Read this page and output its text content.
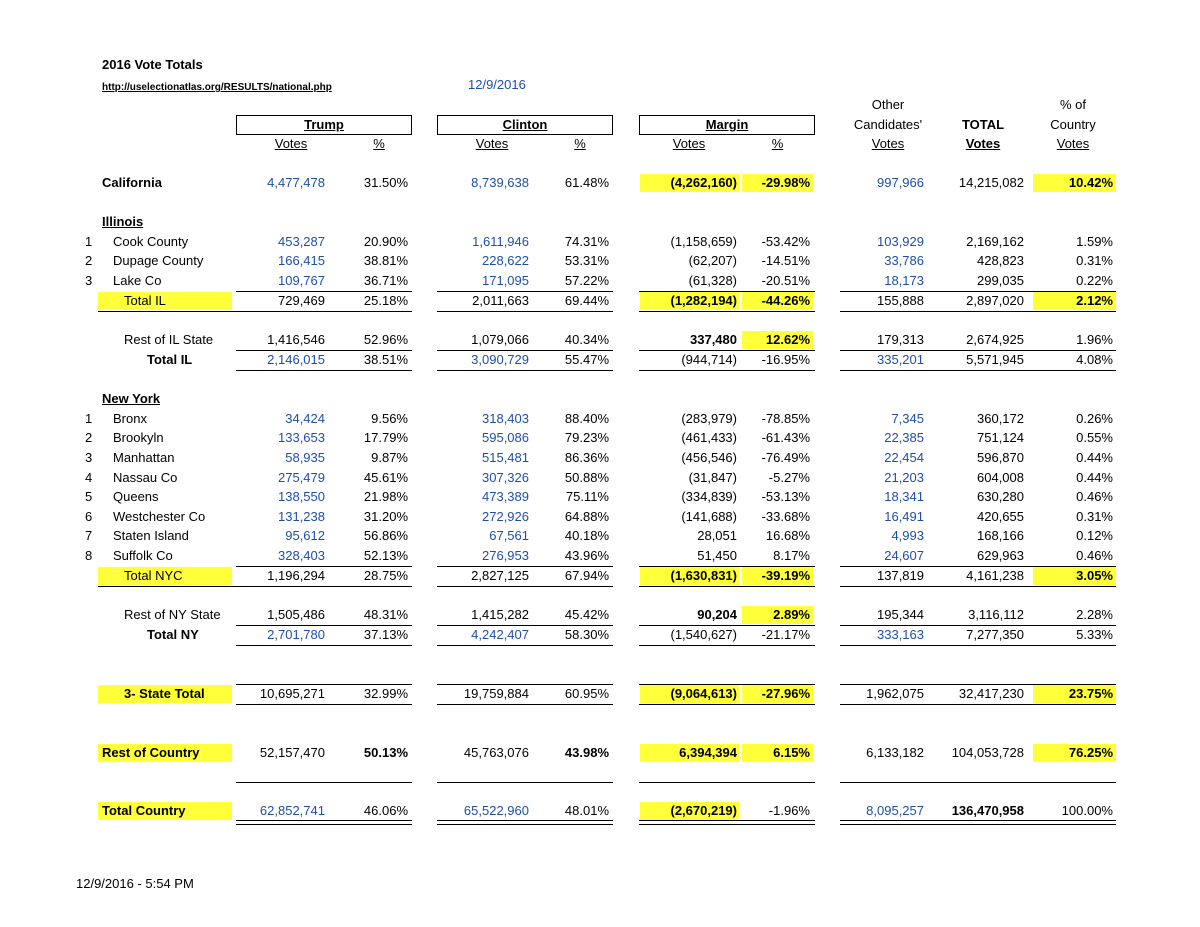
2016 Vote Totals
http://uselectionatlas.org/RESULTS/national.php	12/9/2016
Trump	Clinton	Margin
Other
Candidates'	TOTAL
% of
Country
Votes	%	Votes	%	Votes	%	Votes	Votes	Votes
Illinois
New York
California	4,477,478	31.50%	8,739,638	61.48%	(4,262,160)	-29.98%	997,966	14,215,082	10.42%
1 Cook County	453,287	20.90%	1,611,946	74.31%	(1,158,659)	-53.42%	103,929	2,169,162	1.59%
2 Dupage County	166,415	38.81%	228,622	53.31%	(62,207)	-14.51%	33,786	428,823	0.31%
3 Lake Co	109,767	36.71%	171,095	57.22%	(61,328)	-20.51%	18,173	299,035	0.22%
Total IL	729,469	25.18%	2,011,663	69.44%	(1,282,194)	-44.26%	155,888	2,897,020	2.12%
Rest of IL State	1,416,546	52.96%	1,079,066	40.34%	337,480	12.62%	179,313	2,674,925	1.96%
Total IL	2,146,015	38.51%	3,090,729	55.47%	(944,714)	-16.95%	335,201	5,571,945	4.08%
1 Bronx	34,424	9.56%	318,403	88.40%	(283,979)	-78.85%	7,345	360,172	0.26%
2 Brookyln	133,653	17.79%	595,086	79.23%	(461,433)	-61.43%	22,385	751,124	0.55%
3 Manhattan	58,935	9.87%	515,481	86.36%	(456,546)	-76.49%	22,454	596,870	0.44%
4 Nassau Co	275,479	45.61%	307,326	50.88%	(31,847)	-5.27%	21,203	604,008	0.44%
5 Queens	138,550	21.98%	473,389	75.11%	(334,839)	-53.13%	18,341	630,280	0.46%
6 Westchester Co	131,238	31.20%	272,926	64.88%	(141,688)	-33.68%	16,491	420,655	0.31%
7 Staten Island	95,612	56.86%	67,561	40.18%	28,051	16.68%	4,993	168,166	0.12%
8 Suffolk Co	328,403	52.13%	276,953	43.96%	51,450	8.17%	24,607	629,963	0.46%
Total NYC	1,196,294	28.75%	2,827,125	67.94%	(1,630,831)	-39.19%	137,819	4,161,238	3.05%
Rest of NY State	1,505,486	48.31%	1,415,282	45.42%	90,204	2.89%	195,344	3,116,112	2.28%
Total NY	2,701,780	37.13%	4,242,407	58.30%	(1,540,627)	-21.17%	333,163	7,277,350	5.33%
3- State Total	10,695,271	32.99%	19,759,884	60.95%	(9,064,613)	-27.96%	1,962,075	32,417,230	23.75%
Rest of Country	52,157,470	50.13%	45,763,076	43.98%	6,394,394	6.15%	6,133,182	104,053,728	76.25%
Total Country	62,852,741	46.06%	65,522,960	48.01%	(2,670,219)	-1.96%	8,095,257	136,470,958	100.00%
12/9/2016 - 5:54 PM
